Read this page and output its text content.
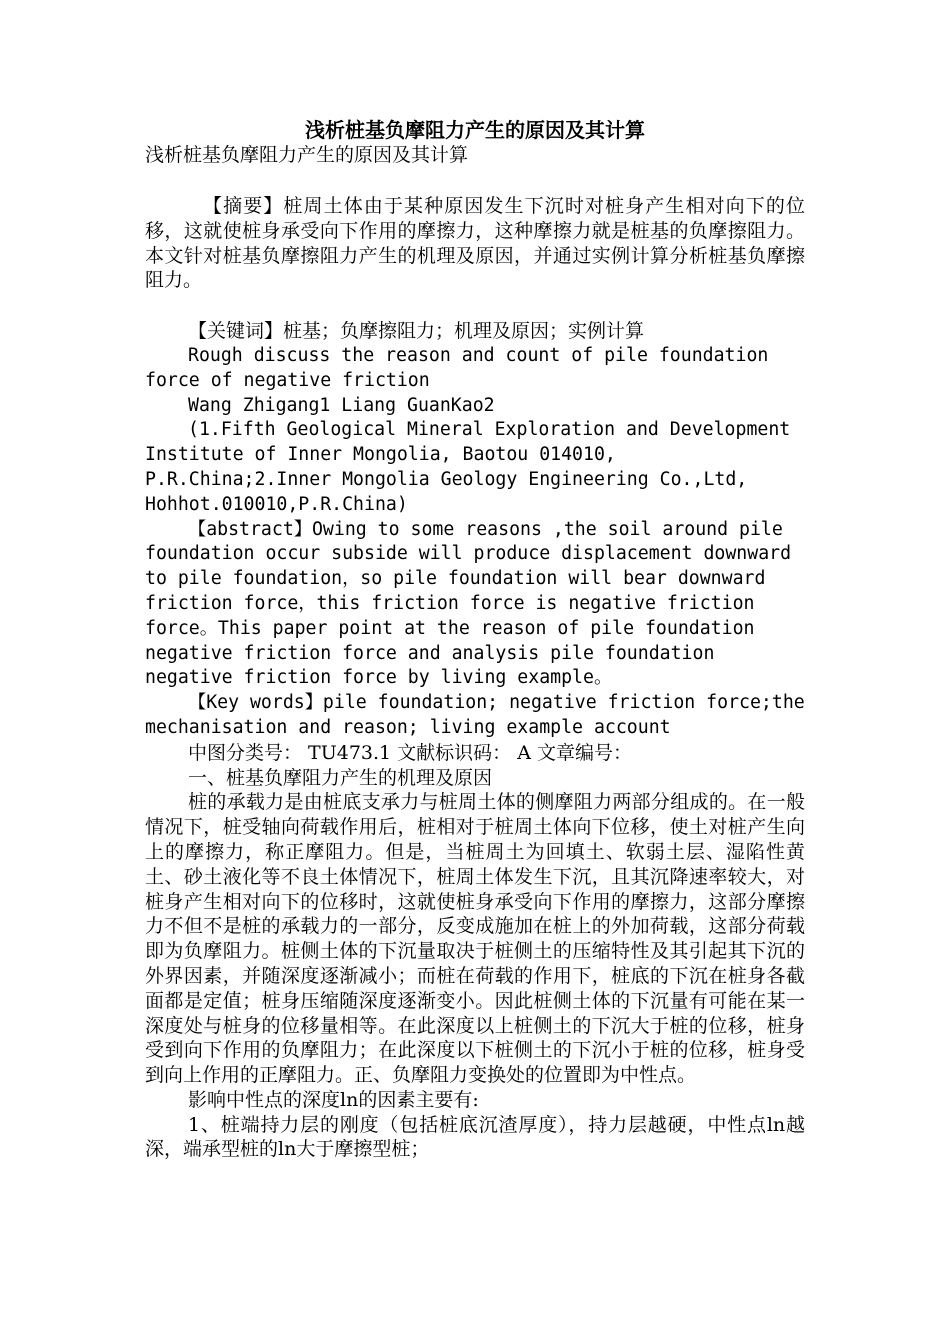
浅析桩基负摩阻力产生的原因及其计算

浅析桩基负摩阻力产生的原因及其计算

【摘要】桩周土体由于某种原因发生下沉时对桩身产生相对向下的位移，这就使桩身承受向下作用的摩擦力，这种摩擦力就是桩基的负摩擦阻力。本文针对桩基负摩擦阻力产生的机理及原因，并通过实例计算分析桩基负摩擦阻力。

【关键词】桩基；负摩擦阻力；机理及原因；实例计算

Rough discuss the reason and count of pile foundation force of negative friction

Wang Zhigang1 Liang GuanKao2

(1.Fifth Geological Mineral Exploration and Development Institute of Inner Mongolia, Baotou 014010,

P.R.China;2.Inner Mongolia Geology Engineering Co.,Ltd,

Hohhot.010010,P.R.China)

【abstract】Owing to some reasons ,the soil around pile foundation occur subside will produce displacement downward to pile foundation，so pile foundation will bear downward friction force，this friction force is negative friction force。This paper point at the reason of pile foundation negative friction force and analysis pile foundation negative friction force by living example。

【Key words】pile foundation; negative friction force;the mechanisation and reason; living example account

中图分类号： TU473.1 文献标识码： A 文章编号：

一、桩基负摩阻力产生的机理及原因

桩的承载力是由桩底支承力与桩周土体的侧摩阻力两部分组成的。在一般情况下，桩受轴向荷载作用后，桩相对于桩周土体向下位移，使土对桩产生向上的摩擦力，称正摩阻力。但是，当桩周土为回填土、软弱土层、湿陷性黄土、砂土液化等不良土体情况下，桩周土体发生下沉，且其沉降速率较大，对桩身产生相对向下的位移时，这就使桩身承受向下作用的摩擦力，这部分摩擦力不但不是桩的承载力的一部分，反变成施加在桩上的外加荷载，这部分荷载即为负摩阻力。桩侧土体的下沉量取决于桩侧土的压缩特性及其引起其下沉的外界因素，并随深度逐渐减小；而桩在荷载的作用下，桩底的下沉在桩身各截面都是定值；桩身压缩随深度逐渐变小。因此桩侧土体的下沉量有可能在某一深度处与桩身的位移量相等。在此深度以上桩侧土的下沉大于桩的位移，桩身受到向下作用的负摩阻力；在此深度以下桩侧土的下沉小于桩的位移，桩身受到向上作用的正摩阻力。正、负摩阻力变换处的位置即为中性点。

影响中性点的深度ln的因素主要有:

1、桩端持力层的刚度（包括桩底沉渣厚度），持力层越硬，中性点ln越深，端承型桩的ln大于摩擦型桩；
